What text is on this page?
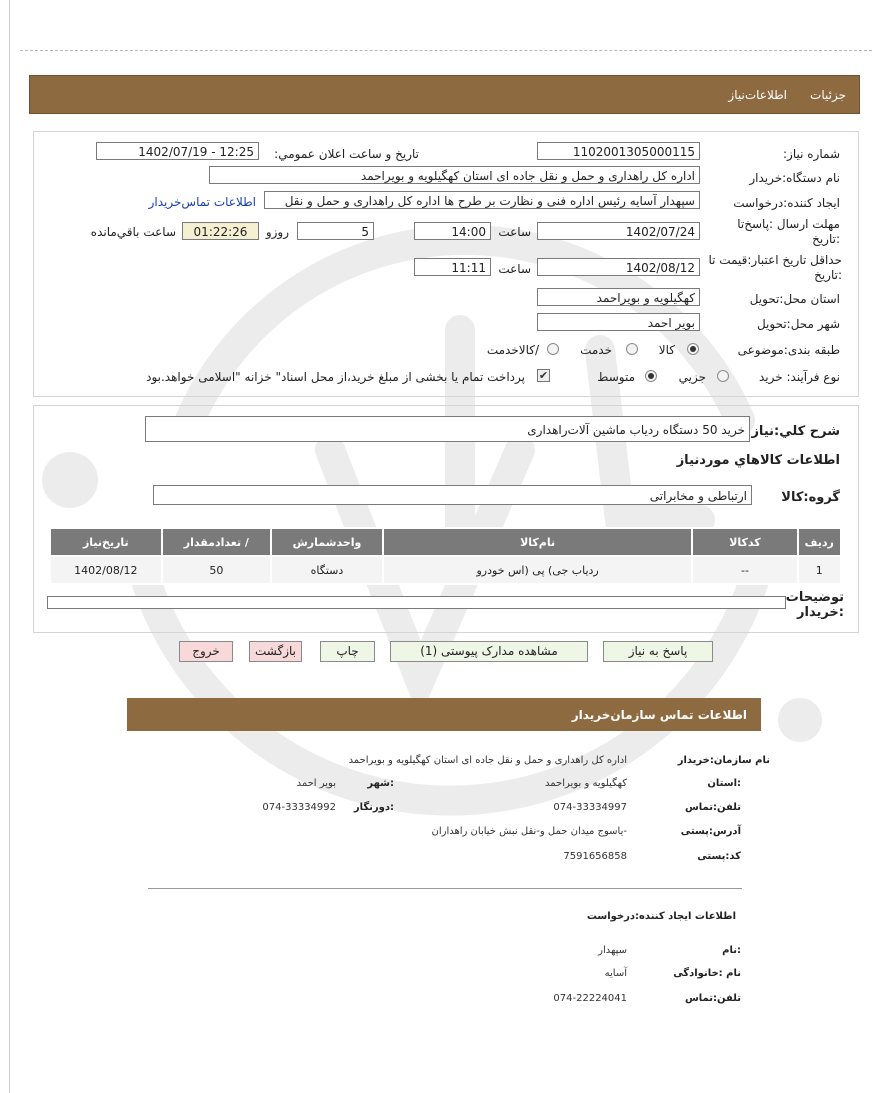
جزئيات
اطلاعات‌نیاز
شماره نیاز:
1102001305000115
تاریخ و ساعت اعلان عمومي:
1402/07/19 - 12:25
نام دستگاه:خريدار
اداره کل راهداری و حمل و نقل جاده ای استان کهگیلویه و بویراحمد
ايجاد کننده:درخواست
سپهدار آسایه رئیس اداره فنی و نظارت بر طرح ها اداره کل راهداری و حمل و نقل
اطلاعات تماس‌خريدار
مهلت ارسال :پاسخ‌تا :تاريخ
1402/07/24
ساعت
14:00
5
روزو
01:22:26
ساعت باقي‌مانده
حداقل تاريخ اعتبار:قيمت تا :تاريخ
1402/08/12
ساعت
11:11
استان محل:تحويل
کهگیلویه و بویراحمد
شهر محل:تحويل
بویر احمد
طبقه بندی:موضوعی
کالا
خدمت
/کالاخدمت
نوع فرآيند: خريد
جزيي
متوسط
✔
پرداخت تمام یا بخشی از مبلغ خرید،از محل اسناد" خزانه "اسلامی خواهد.بود
شرح کلي:نياز
خرید 50 دستگاه ردیاب ماشین آلات‌راهداری
اطلاعات کالاهاي موردنياز
گروه:کالا
ارتباطی و مخابراتی
رديف	کدکالا	نام‌کالا	واحدشمارش	/ تعدادمقدار	تاريخ‌نياز
1	--	ردیاب جی) پی (اس خودرو	دستگاه	50	1402/08/12
توضيحات :خريدار
پاسخ به نیاز
مشاهده مدارک پیوستی (1)
چاپ
بازگشت
خروج
اطلاعات تماس سازمان‌خريدار
نام سازمان:خريدار
اداره کل راهداری و حمل و نقل جاده ای استان کهگیلویه و بویراحمد
:استان
کهگیلویه و بویراحمد
:شهر
بویر احمد
تلفن:تماس
074-33334997
:دورنگار
074-33334992
آدرس:پستی
-یاسوج میدان حمل و-نقل نبش خیابان راهداران
کد:پستی
7591656858
اطلاعات ايجاد کننده:درخواست
:نام
سپهدار
نام :خانوادگی
آسایه
تلفن:تماس
074-22224041
